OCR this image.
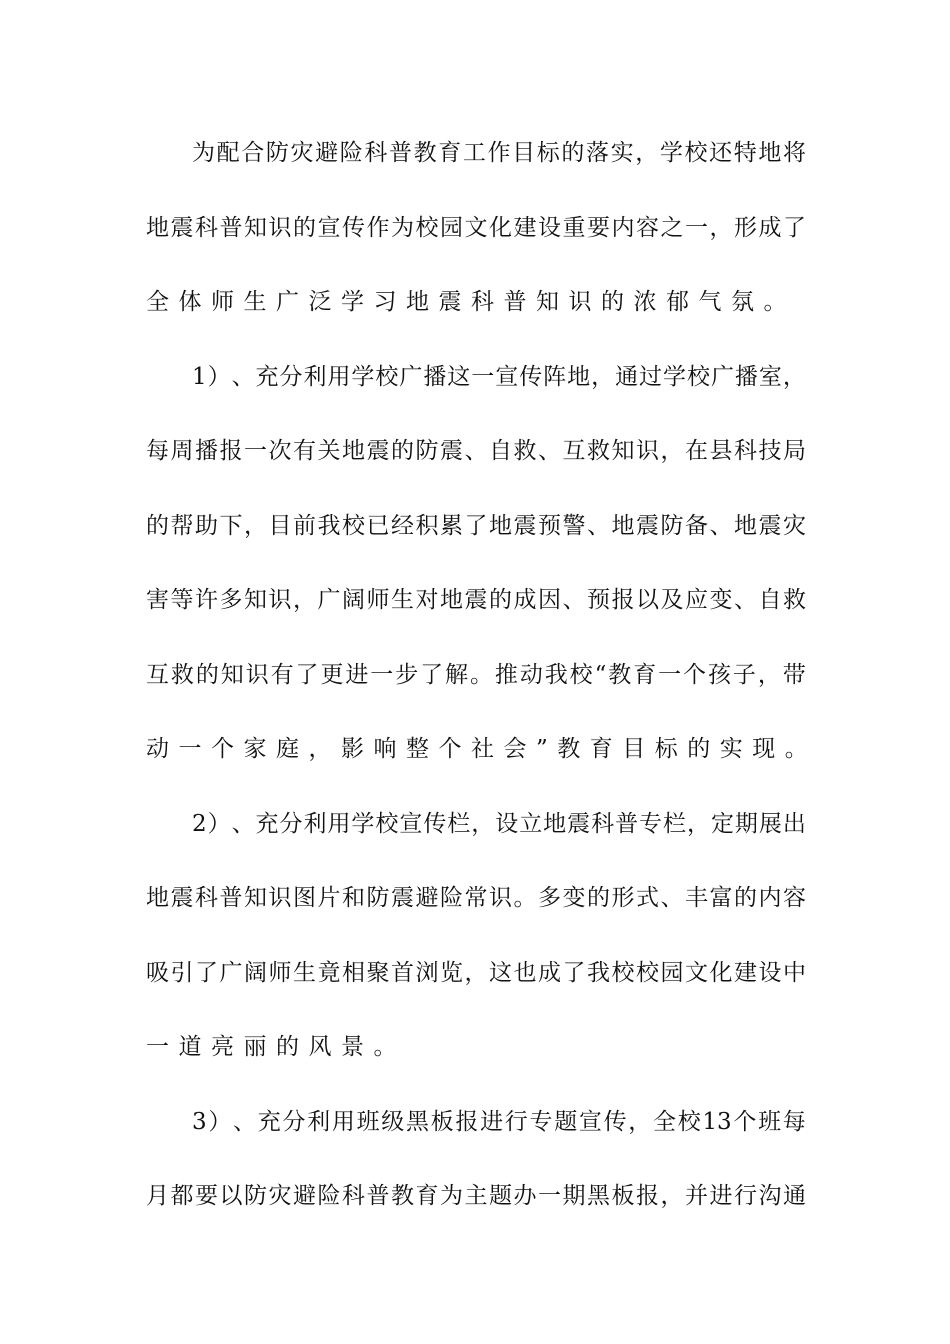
为 配 合 防 灾 避 险 科 普 教 育 工 作 目 标 的 落 实 ， 学 校 还 特 地 将
地 震 科 普 知 识 的 宣 传 作 为 校 园 文 化 建 设 重 要 内 容 之 一 ， 形 成 了
全体师生广泛学习地震科普知识的浓郁气氛。
1 ） 、 充 分 利 用 学 校 广 播 这 一 宣 传 阵 地 ， 通 过 学 校 广 播 室 ，
每 周 播 报 一 次 有 关 地 震 的 防 震 、 自 救 、 互 救 知 识 ， 在 县 科 技 局
的 帮 助 下 ， 目 前 我 校 已 经 积 累 了 地 震 预 警 、 地 震 防 备 、 地 震 灾
害 等 许 多 知 识 ， 广 阔 师 生 对 地 震 的 成 因 、 预 报 以 及 应 变 、 自 救
互 救 的 知 识 有 了 更 进 一 步 了 解 。 推 动 我 校 “ 教 育 一 个 孩 子 ， 带
动一个家庭，影响整个社会”教育目标的实现。
2 ） 、 充 分 利 用 学 校 宣 传 栏 ， 设 立 地 震 科 普 专 栏 ， 定 期 展 出
地 震 科 普 知 识 图 片 和 防 震 避 险 常 识 。 多 变 的 形 式 、 丰 富 的 内 容
吸 引 了 广 阔 师 生 竟 相 聚 首 浏 览 ， 这 也 成 了 我 校 校 园 文 化 建 设 中
一道亮丽的风景。
3 ） 、 充 分 利 用 班 级 黑 板 报 进 行 专 题 宣 传 ， 全 校 13 个 班 每
月 都 要 以 防 灾 避 险 科 普 教 育 为 主 题 办 一 期 黑 板 报 ， 并 进 行 沟 通
